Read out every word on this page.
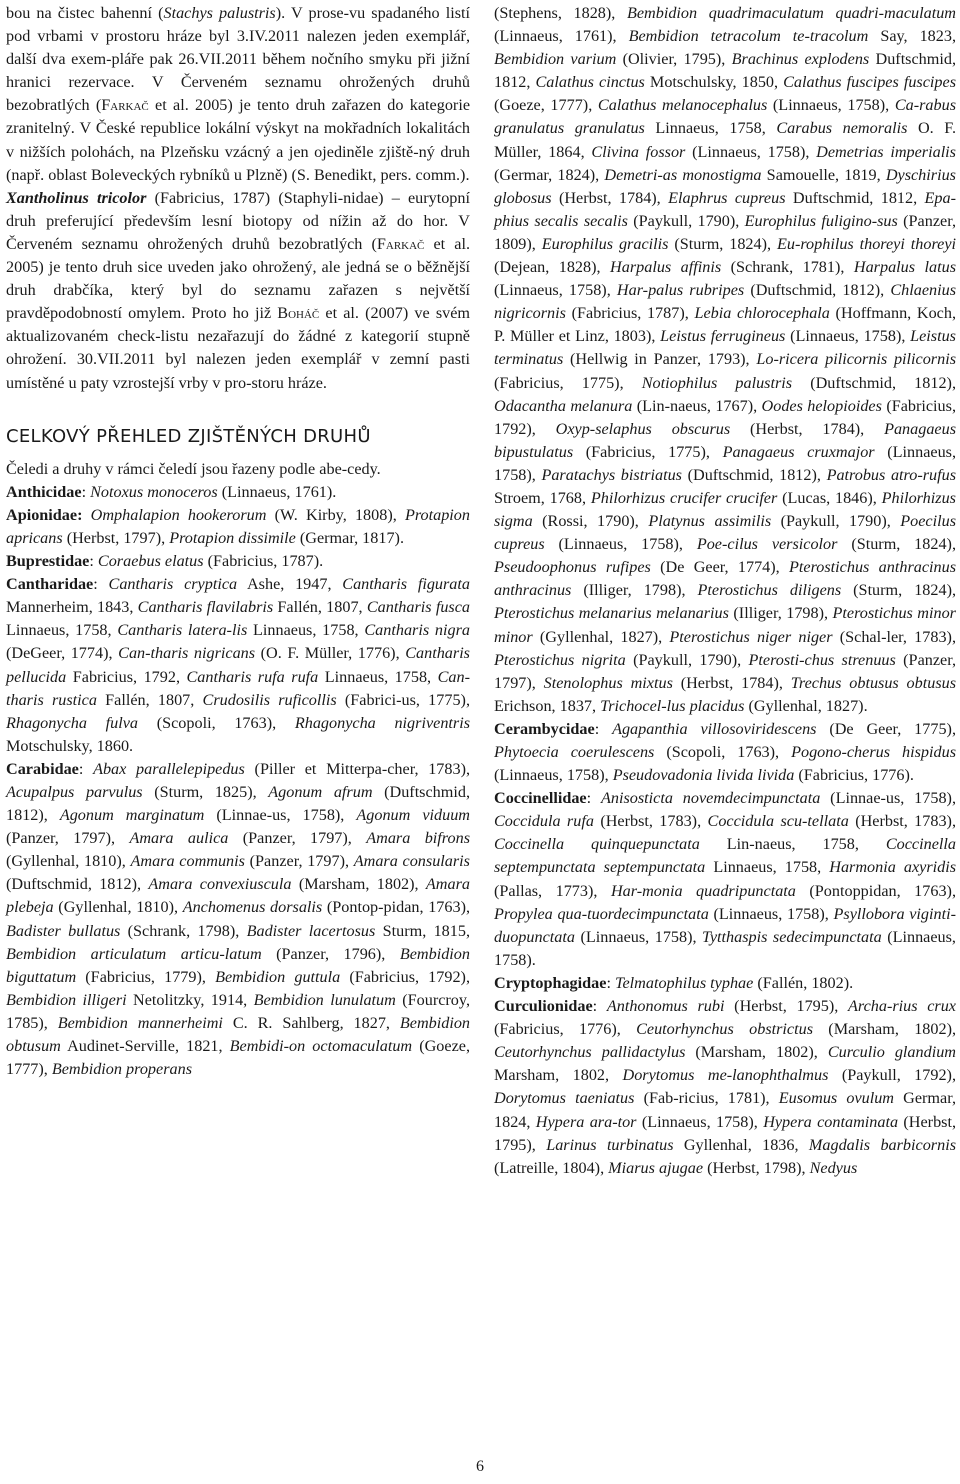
bou na čistec bahenní (Stachys palustris). V prose-vu spadaného listí pod vrbami v prostoru hráze byl 3.IV.2011 nalezen jeden exemplář, další dva exem-pláře pak 26.VII.2011 během nočního smyku při jižní hranici rezervace. V Červeném seznamu ohrožených druhů bezobratlých (Farkač et al. 2005) je tento druh zařazen do kategorie zranitelný. V České republice lokální výskyt na mokřadních lokalitách v nižších polohách, na Plzeňsku vzácný a jen ojediněle zjiště-ný druh (např. oblast Boleveckých rybníků u Plzně) (S. Benedikt, pers. comm.).

Xantholinus tricolor (Fabricius, 1787) (Staphyli-nidae) – eurytopní druh preferující především lesní biotopy od nížin až do hor. V Červeném seznamu ohrožených druhů bezobratlých (Farkač et al. 2005) je tento druh sice uveden jako ohrožený, ale jedná se o běžnější druh drabčíka, který byl do seznamu zařazen s největší pravděpodobností omylem. Proto ho již Boháč et al. (2007) ve svém aktualizovaném check-listu nezařazují do žádné z kategorií stupně ohrožení. 30.VII.2011 byl nalezen jeden exemplář v zemní pasti umístěné u paty vzrostejší vrby v pro-storu hráze.

CELKOVÝ PŘEHLED ZJIŠTĚNÝCH DRUHŮ

Čeledi a druhy v rámci čeledí jsou řazeny podle abe-cedy.

Anthicidae: Notoxus monoceros (Linnaeus, 1761).

Apionidae: Omphalapion hookerorum (W. Kirby, 1808), Protapion apricans (Herbst, 1797), Protapion dissimile (Germar, 1817).

Buprestidae: Coraebus elatus (Fabricius, 1787).

Cantharidae: Cantharis cryptica Ashe, 1947, Cantharis figurata Mannerheim, 1843, Cantharis flavilabris Fallén, 1807, Cantharis fusca Linnaeus, 1758, Cantharis latera-lis Linnaeus, 1758, Cantharis nigra (DeGeer, 1774), Can-tharis nigricans (O. F. Müller, 1776), Cantharis pellucida Fabricius, 1792, Cantharis rufa rufa Linnaeus, 1758, Can-tharis rustica Fallén, 1807, Crudosilis ruficollis (Fabrici-us, 1775), Rhagonycha fulva (Scopoli, 1763), Rhagonycha nigriventris Motschulsky, 1860.

Carabidae: Abax parallelepipedus (Piller et Mitterpa-cher, 1783), Acupalpus parvulus (Sturm, 1825), Agonum afrum (Duftschmid, 1812), Agonum marginatum (Linnae-us, 1758), Agonum viduum (Panzer, 1797), Amara aulica (Panzer, 1797), Amara bifrons (Gyllenhal, 1810), Amara communis (Panzer, 1797), Amara consularis (Duftschmid, 1812), Amara convexiuscula (Marsham, 1802), Amara plebeja (Gyllenhal, 1810), Anchomenus dorsalis (Pontop-pidan, 1763), Badister bullatus (Schrank, 1798), Badister lacertosus Sturm, 1815, Bembidion articulatum articu-latum (Panzer, 1796), Bembidion biguttatum (Fabricius, 1779), Bembidion guttula (Fabricius, 1792), Bembidion illigeri Netolitzky, 1914, Bembidion lunulatum (Fourcroy, 1785), Bembidion mannerheimi C. R. Sahlberg, 1827, Bembidion obtusum Audinet-Serville, 1821, Bembidi-on octomaculatum (Goeze, 1777), Bembidion properans

(Stephens, 1828), Bembidion quadrimaculatum quadri-maculatum (Linnaeus, 1761), Bembidion tetracolum te-tracolum Say, 1823, Bembidion varium (Olivier, 1795), Brachinus explodens Duftschmid, 1812, Calathus cinctus Motschulsky, 1850, Calathus fuscipes fuscipes (Goeze, 1777), Calathus melanocephalus (Linnaeus, 1758), Ca-rabus granulatus granulatus Linnaeus, 1758, Carabus nemoralis O. F. Müller, 1864, Clivina fossor (Linnaeus, 1758), Demetrias imperialis (Germar, 1824), Demetri-as monostigma Samouelle, 1819, Dyschirius globosus (Herbst, 1784), Elaphrus cupreus Duftschmid, 1812, Epa-phius secalis secalis (Paykull, 1790), Europhilus fuligino-sus (Panzer, 1809), Europhilus gracilis (Sturm, 1824), Eu-rophilus thoreyi thoreyi (Dejean, 1828), Harpalus affinis (Schrank, 1781), Harpalus latus (Linnaeus, 1758), Har-palus rubripes (Duftschmid, 1812), Chlaenius nigricornis (Fabricius, 1787), Lebia chlorocephala (Hoffmann, Koch, P. Müller et Linz, 1803), Leistus ferrugineus (Linnaeus, 1758), Leistus terminatus (Hellwig in Panzer, 1793), Lo-ricera pilicornis pilicornis (Fabricius, 1775), Notiophilus palustris (Duftschmid, 1812), Odacantha melanura (Lin-naeus, 1767), Oodes helopioides (Fabricius, 1792), Oxyp-selaphus obscurus (Herbst, 1784), Panagaeus bipustulatus (Fabricius, 1775), Panagaeus cruxmajor (Linnaeus, 1758), Paratachys bistriatus (Duftschmid, 1812), Patrobus atro-rufus Stroem, 1768, Philorhizus crucifer crucifer (Lucas, 1846), Philorhizus sigma (Rossi, 1790), Platynus assimilis (Paykull, 1790), Poecilus cupreus (Linnaeus, 1758), Poe-cilus versicolor (Sturm, 1824), Pseudoophonus rufipes (De Geer, 1774), Pterostichus anthracinus anthracinus (Illiger, 1798), Pterostichus diligens (Sturm, 1824), Pterostichus melanarius melanarius (Illiger, 1798), Pterostichus minor minor (Gyllenhal, 1827), Pterostichus niger niger (Schal-ler, 1783), Pterostichus nigrita (Paykull, 1790), Pterosti-chus strenuus (Panzer, 1797), Stenolophus mixtus (Herbst, 1784), Trechus obtusus obtusus Erichson, 1837, Trichocel-lus placidus (Gyllenhal, 1827).

Cerambycidae: Agapanthia villosoviridescens (De Geer, 1775), Phytoecia coerulescens (Scopoli, 1763), Pogono-cherus hispidus (Linnaeus, 1758), Pseudovadonia livida livida (Fabricius, 1776).

Coccinellidae: Anisosticta novemdecimpunctata (Linnae-us, 1758), Coccidula rufa (Herbst, 1783), Coccidula scu-tellata (Herbst, 1783), Coccinella quinquepunctata Lin-naeus, 1758, Coccinella septempunctata septempunctata Linnaeus, 1758, Harmonia axyridis (Pallas, 1773), Har-monia quadripunctata (Pontoppidan, 1763), Propylea qua-tuordecimpunctata (Linnaeus, 1758), Psyllobora viginti-duopunctata (Linnaeus, 1758), Tytthaspis sedecimpunctata (Linnaeus, 1758).

Cryptophagidae: Telmatophilus typhae (Fallén, 1802).

Curculionidae: Anthonomus rubi (Herbst, 1795), Archa-rius crux (Fabricius, 1776), Ceutorhynchus obstrictus (Marsham, 1802), Ceutorhynchus pallidactylus (Marsham, 1802), Curculio glandium Marsham, 1802, Dorytomus me-lanophthalmus (Paykull, 1792), Dorytomus taeniatus (Fab-ricius, 1781), Eusomus ovulum Germar, 1824, Hypera ara-tor (Linnaeus, 1758), Hypera contaminata (Herbst, 1795), Larinus turbinatus Gyllenhal, 1836, Magdalis barbicornis (Latreille, 1804), Miarus ajugae (Herbst, 1798), Nedyus

6
